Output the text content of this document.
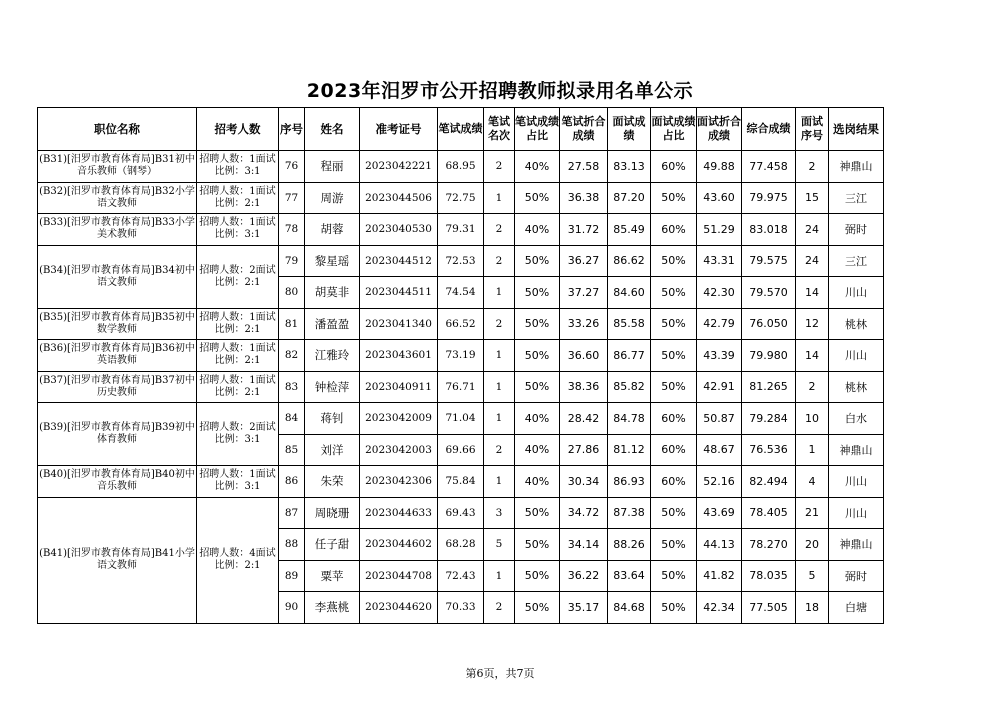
2023年汨罗市公开招聘教师拟录用名单公示
职位名称	招考人数	序号	姓名	准考证号	笔试成绩	笔试名次	笔试成绩占比	笔试折合成绩	面试成绩	面试成绩占比	面试折合成绩	综合成绩	面试序号	选岗结果
(B31)[汨罗市教育体育局]B31初中音乐教师（钢琴）	招聘人数：1面试比例：3:1	76	程丽	2023042221	68.95	2	40%	27.58	83.13	60%	49.88	77.458	2	神鼎山
(B32)[汨罗市教育体育局]B32小学语文教师	招聘人数：1面试比例：2:1	77	周游	2023044506	72.75	1	50%	36.38	87.20	50%	43.60	79.975	15	三江
(B33)[汨罗市教育体育局]B33小学美术教师	招聘人数：1面试比例：3:1	78	胡蓉	2023040530	79.31	2	40%	31.72	85.49	60%	51.29	83.018	24	弼时
(B34)[汨罗市教育体育局]B34初中语文教师	招聘人数：2面试比例：2:1	79	黎星瑶	2023044512	72.53	2	50%	36.27	86.62	50%	43.31	79.575	24	三江
		80	胡莫非	2023044511	74.54	1	50%	37.27	84.60	50%	42.30	79.570	14	川山
(B35)[汨罗市教育体育局]B35初中数学教师	招聘人数：1面试比例：2:1	81	潘盈盈	2023041340	66.52	2	50%	33.26	85.58	50%	42.79	76.050	12	桃林
(B36)[汨罗市教育体育局]B36初中英语教师	招聘人数：1面试比例：2:1	82	江雅玲	2023043601	73.19	1	50%	36.60	86.77	50%	43.39	79.980	14	川山
(B37)[汨罗市教育体育局]B37初中历史教师	招聘人数：1面试比例：2:1	83	钟检萍	2023040911	76.71	1	50%	38.36	85.82	50%	42.91	81.265	2	桃林
(B39)[汨罗市教育体育局]B39初中体育教师	招聘人数：2面试比例：3:1	84	蒋钊	2023042009	71.04	1	40%	28.42	84.78	60%	50.87	79.284	10	白水
		85	刘洋	2023042003	69.66	2	40%	27.86	81.12	60%	48.67	76.536	1	神鼎山
(B40)[汨罗市教育体育局]B40初中音乐教师	招聘人数：1面试比例：3:1	86	朱荣	2023042306	75.84	1	40%	30.34	86.93	60%	52.16	82.494	4	川山
(B41)[汨罗市教育体育局]B41小学语文教师	招聘人数：4面试比例：2:1	87	周晓珊	2023044633	69.43	3	50%	34.72	87.38	50%	43.69	78.405	21	川山
		88	任子甜	2023044602	68.28	5	50%	34.14	88.26	50%	44.13	78.270	20	神鼎山
		89	粟苹	2023044708	72.43	1	50%	36.22	83.64	50%	41.82	78.035	5	弼时
		90	李燕桃	2023044620	70.33	2	50%	35.17	84.68	50%	42.34	77.505	18	白塘
第6页，共7页
